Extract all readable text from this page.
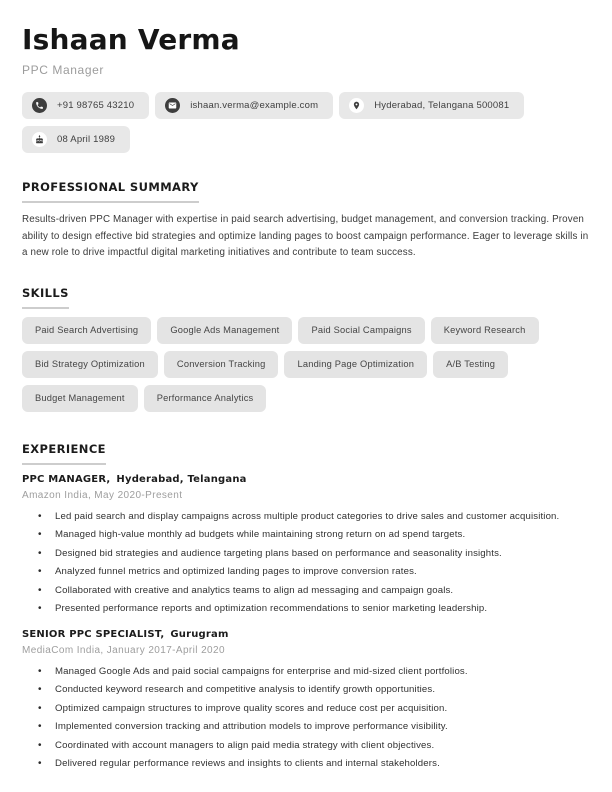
Ishaan Verma
PPC Manager
+91 98765 43210	ishaan.verma@example.com	Hyderabad, Telangana 500081
08 April 1989
PROFESSIONAL SUMMARY

Results-driven PPC Manager with expertise in paid search advertising, budget management, and conversion tracking. Proven ability to design effective bid strategies and optimize landing pages to boost campaign performance. Eager to leverage skills in a new role to drive impactful digital marketing initiatives and contribute to team success.

SKILLS
Paid Search Advertising	Google Ads Management	Paid Social Campaigns	Keyword Research
Bid Strategy Optimization	Conversion Tracking	Landing Page Optimization	A/B Testing
Budget Management	Performance Analytics
EXPERIENCE
PPC MANAGER, Hyderabad, Telangana
Amazon India, May 2020-Present
• Led paid search and display campaigns across multiple product categories to drive sales and customer acquisition.
• Managed high-value monthly ad budgets while maintaining strong return on ad spend targets.
• Designed bid strategies and audience targeting plans based on performance and seasonality insights.
• Analyzed funnel metrics and optimized landing pages to improve conversion rates.
• Collaborated with creative and analytics teams to align ad messaging and campaign goals.
• Presented performance reports and optimization recommendations to senior marketing leadership.
SENIOR PPC SPECIALIST, Gurugram
MediaCom India, January 2017-April 2020
• Managed Google Ads and paid social campaigns for enterprise and mid-sized client portfolios.
• Conducted keyword research and competitive analysis to identify growth opportunities.
• Optimized campaign structures to improve quality scores and reduce cost per acquisition.
• Implemented conversion tracking and attribution models to improve performance visibility.
• Coordinated with account managers to align paid media strategy with client objectives.
• Delivered regular performance reviews and insights to clients and internal stakeholders.
